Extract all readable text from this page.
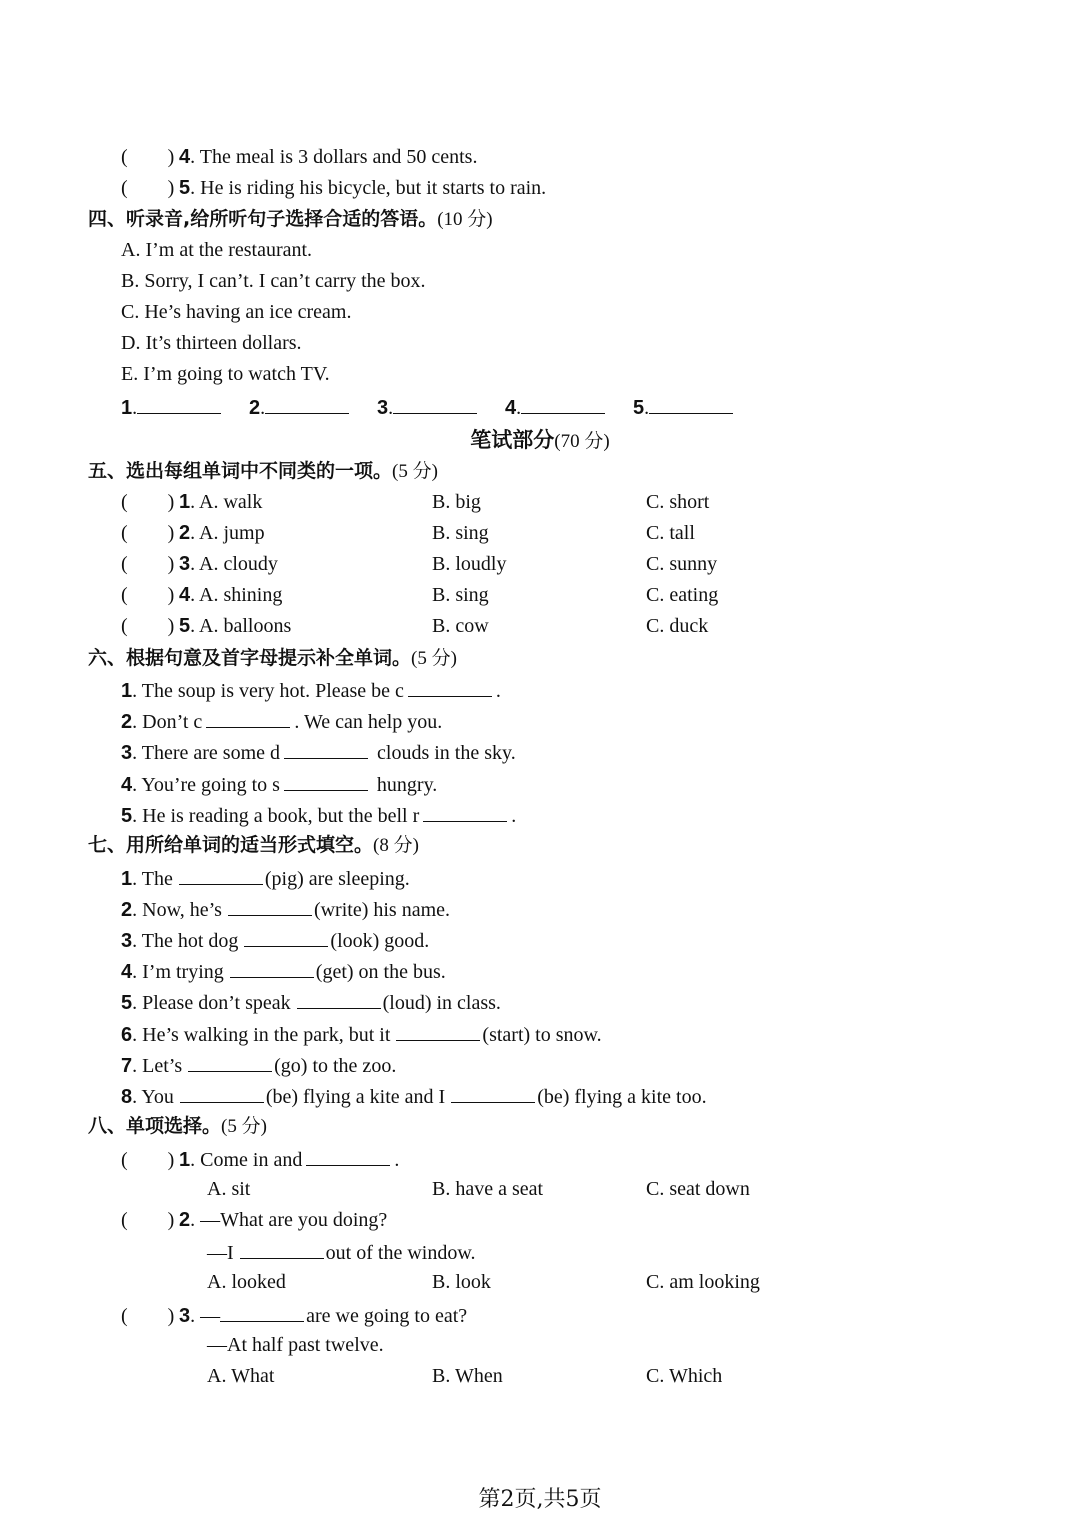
(        ) 4. The meal is 3 dollars and 50 cents.
(        ) 5. He is riding his bicycle, but it starts to rain.
四、听录音,给所听句子选择合适的答语。(10 分)
A. I’m at the restaurant.
B. Sorry, I can’t. I can’t carry the box.
C. He’s having an ice cream.
D. It’s thirteen dollars.
E. I’m going to watch TV.
1.	2.	3.	4.	5.
笔试部分(70 分)
五、选出每组单词中不同类的一项。(5 分)
(        ) 1. A. walk	B. big	C. short
(        ) 2. A. jump	B. sing	C. tall
(        ) 3. A. cloudy	B. loudly	C. sunny
(        ) 4. A. shining	B. sing	C. eating
(        ) 5. A. balloons	B. cow	C. duck
六、根据句意及首字母提示补全单词。(5 分)
1. The soup is very hot. Please be c	.
2. Don’t c	. We can help you.
3. There are some d	clouds in the sky.
4. You’re going to s	hungry.
5. He is reading a book, but the bell r	.
七、用所给单词的适当形式填空。(8 分)
1. The	(pig) are sleeping.
2. Now, he’s	(write) his name.
3. The hot dog	(look) good.
4. I’m trying	(get) on the bus.
5. Please don’t speak	(loud) in class.
6. He’s walking in the park, but it	(start) to snow.
7. Let’s	(go) to the zoo.
8. You	(be) flying a kite and I	(be) flying a kite too.
八、单项选择。(5 分)
(        ) 1. Come in and	.
A. sit	B. have a seat	C. seat down
(        ) 2. —What are you doing?
—I	out of the window.
A. looked	B. look	C. am looking
(        ) 3. —	are we going to eat?
—At half past twelve.
A. What	B. When	C. Which
第2页,共5页
